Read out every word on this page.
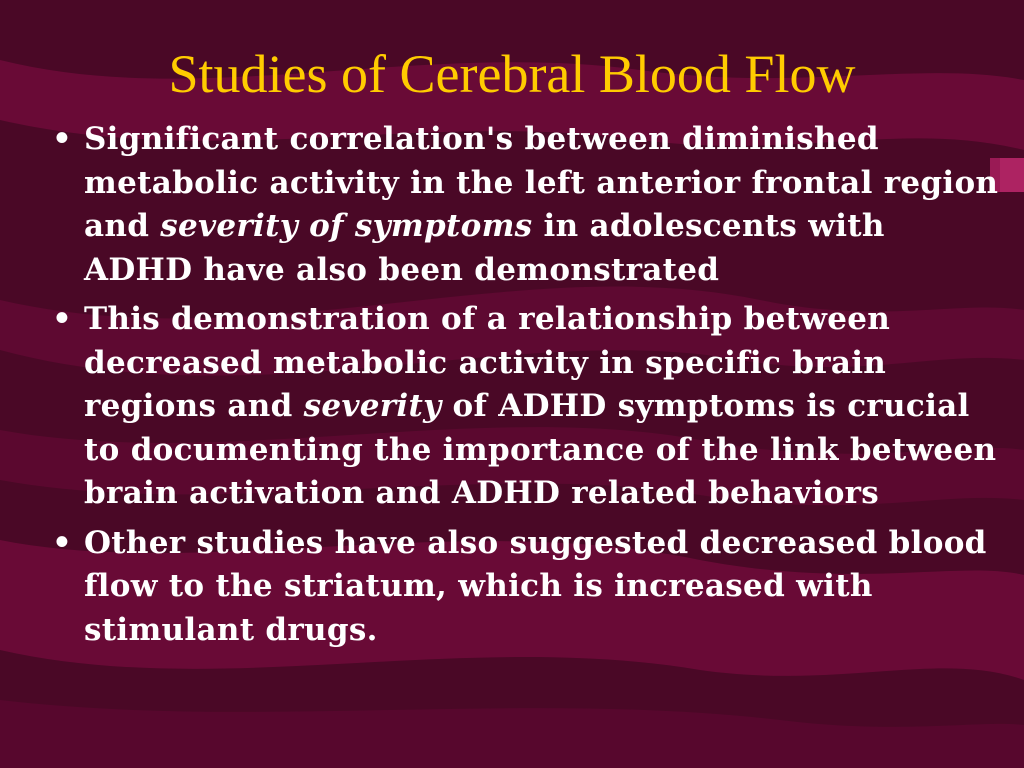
Studies of Cerebral Blood Flow
• Significant correlation's between diminished metabolic activity in the left anterior frontal region and severity of symptoms in adolescents with ADHD have also been demonstrated
• This demonstration of a relationship between decreased metabolic activity in specific brain regions and severity of ADHD symptoms is crucial to documenting the importance of the link between brain activation and ADHD related behaviors
• Other studies have also suggested decreased blood flow to the striatum, which is increased with stimulant drugs.
